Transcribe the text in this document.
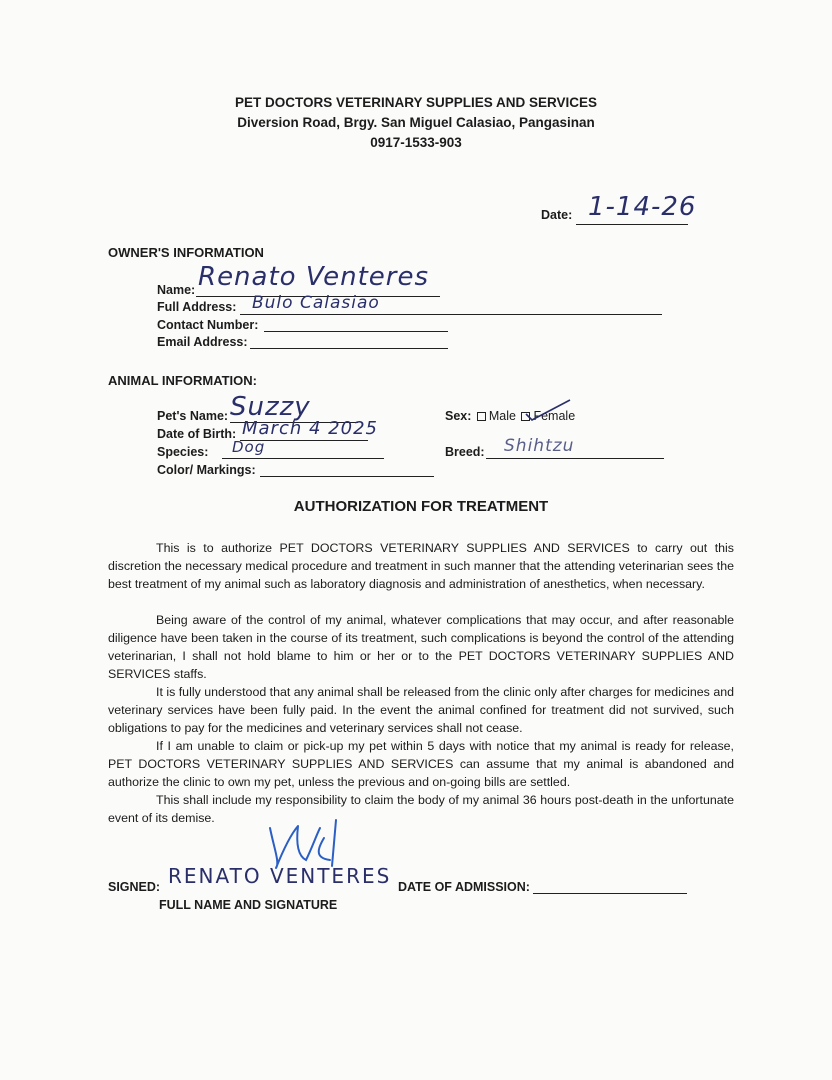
PET DOCTORS VETERINARY SUPPLIES AND SERVICES
Diversion Road, Brgy. San Miguel Calasiao, Pangasinan
0917-1533-903
Date: 1-14-26
OWNER'S INFORMATION
Name: Renato Venteres
Full Address: Bulo Calasiao
Contact Number:
Email Address:
ANIMAL INFORMATION:
Pet's Name: Suzzy
Date of Birth: March 4 2025
Species: Dog
Color/ Markings:
Sex: Male Female
Breed: Shihtzu
AUTHORIZATION FOR TREATMENT
This is to authorize PET DOCTORS VETERINARY SUPPLIES AND SERVICES to carry out this discretion the necessary medical procedure and treatment in such manner that the attending veterinarian sees the best treatment of my animal such as laboratory diagnosis and administration of anesthetics, when necessary.
Being aware of the control of my animal, whatever complications that may occur, and after reasonable diligence have been taken in the course of its treatment, such complications is beyond the control of the attending veterinarian, I shall not hold blame to him or her or to the PET DOCTORS VETERINARY SUPPLIES AND SERVICES staffs.
It is fully understood that any animal shall be released from the clinic only after charges for medicines and veterinary services have been fully paid. In the event the animal confined for treatment did not survived, such obligations to pay for the medicines and veterinary services shall not cease.
If I am unable to claim or pick-up my pet within 5 days with notice that my animal is ready for release, PET DOCTORS VETERINARY SUPPLIES AND SERVICES can assume that my animal is abandoned and authorize the clinic to own my pet, unless the previous and on-going bills are settled.
This shall include my responsibility to claim the body of my animal 36 hours post-death in the unfortunate event of its demise.
SIGNED:
FULL NAME AND SIGNATURE
RENATO VENTERES DATE OF ADMISSION:
